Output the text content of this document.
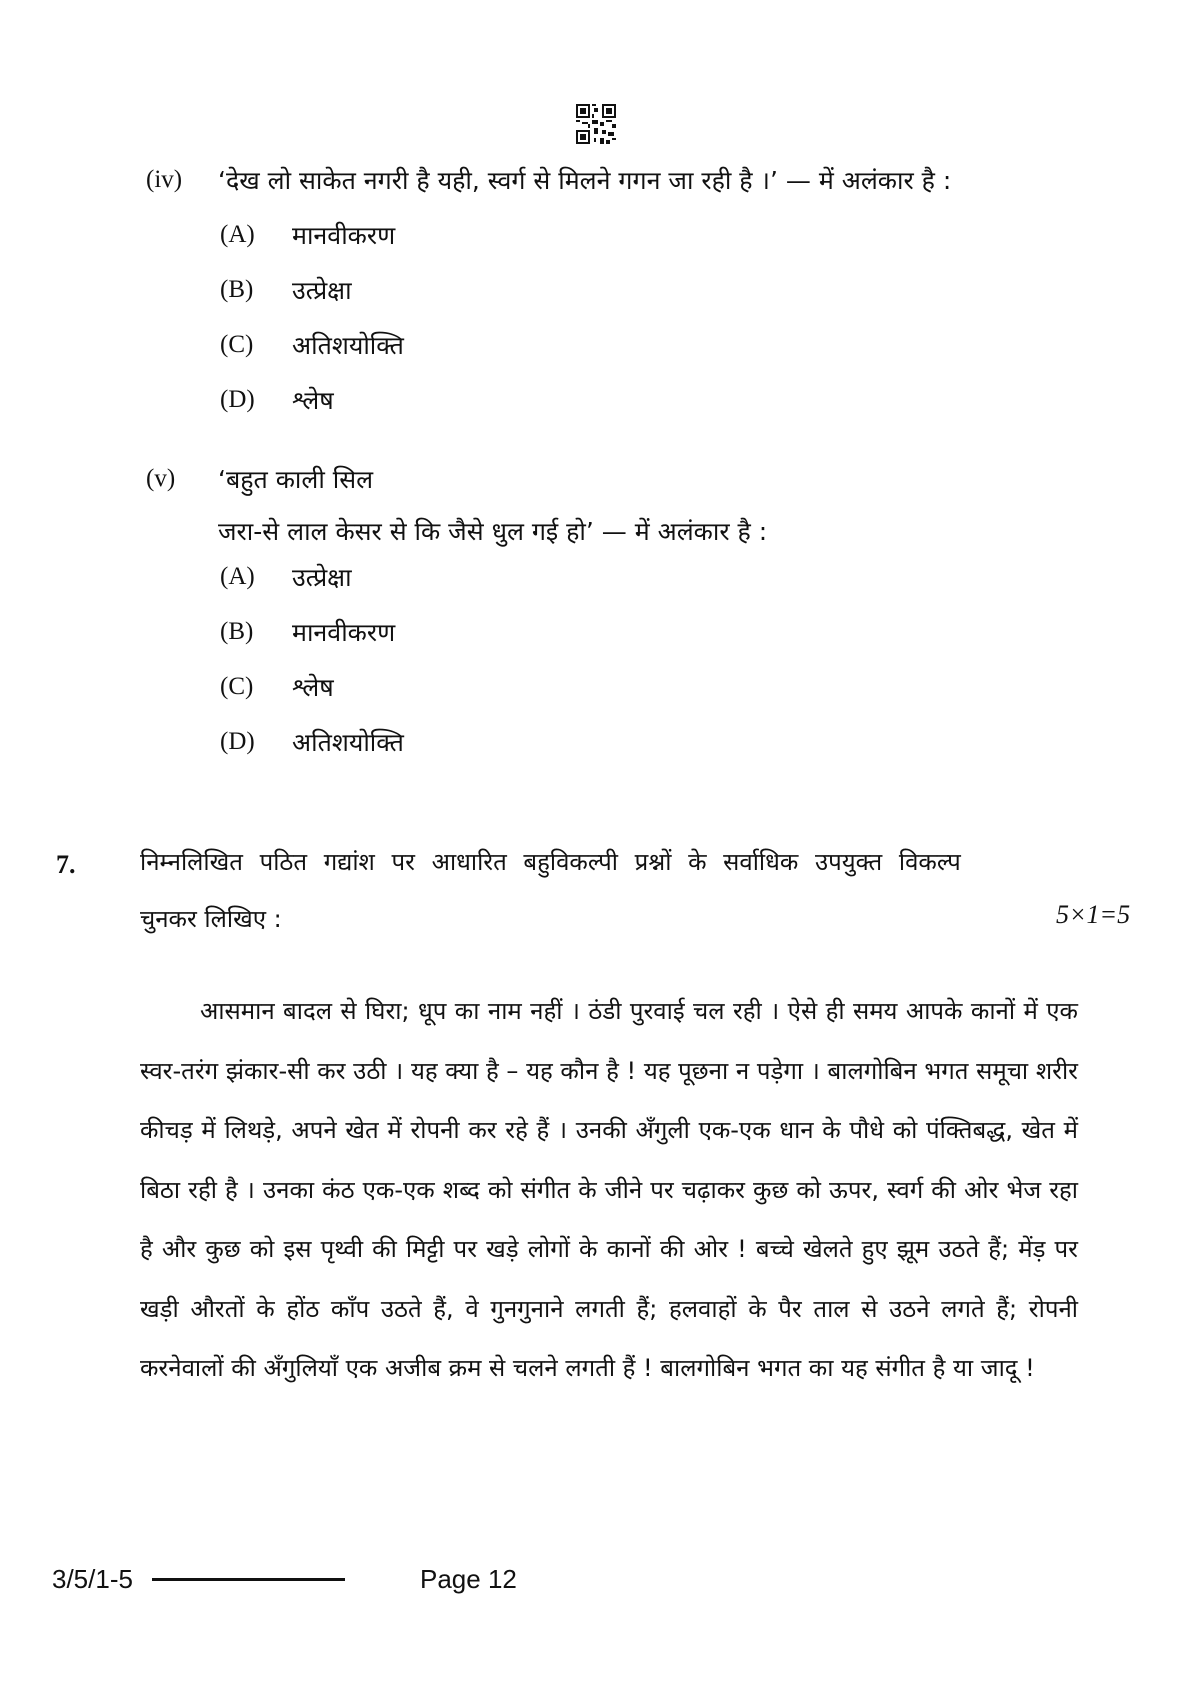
(iv) ‘देख लो साकेत नगरी है यही, स्वर्ग से मिलने गगन जा रही है ।’ — में अलंकार है :
(A) मानवीकरण
(B) उत्प्रेक्षा
(C) अतिशयोक्ति
(D) श्लेष
(v) ‘बहुत काली सिल
जरा-से लाल केसर से कि जैसे धुल गई हो’ — में अलंकार है :
(A) उत्प्रेक्षा
(B) मानवीकरण
(C) श्लेष
(D) अतिशयोक्ति
7.	निम्नलिखित पठित गद्यांश पर आधारित बहुविकल्पी प्रश्नों के सर्वाधिक उपयुक्त विकल्प
चुनकर लिखिए :	5×1=5
आसमान बादल से घिरा; धूप का नाम नहीं । ठंडी पुरवाई चल रही । ऐसे ही समय आपके कानों में एक स्वर-तरंग झंकार-सी कर उठी । यह क्या है – यह कौन है ! यह पूछना न पड़ेगा । बालगोबिन भगत समूचा शरीर कीचड़ में लिथड़े, अपने खेत में रोपनी कर रहे हैं । उनकी अँगुली एक-एक धान के पौधे को पंक्तिबद्ध, खेत में बिठा रही है । उनका कंठ एक-एक शब्द को संगीत के जीने पर चढ़ाकर कुछ को ऊपर, स्वर्ग की ओर भेज रहा है और कुछ को इस पृथ्वी की मिट्टी पर खड़े लोगों के कानों की ओर ! बच्चे खेलते हुए झूम उठते हैं; मेंड़ पर खड़ी औरतों के होंठ काँप उठते हैं, वे गुनगुनाने लगती हैं; हलवाहों के पैर ताल से उठने लगते हैं; रोपनी करनेवालों की अँगुलियाँ एक अजीब क्रम से चलने लगती हैं ! बालगोबिन भगत का यह संगीत है या जादू !
3/5/1-5	Page 12
